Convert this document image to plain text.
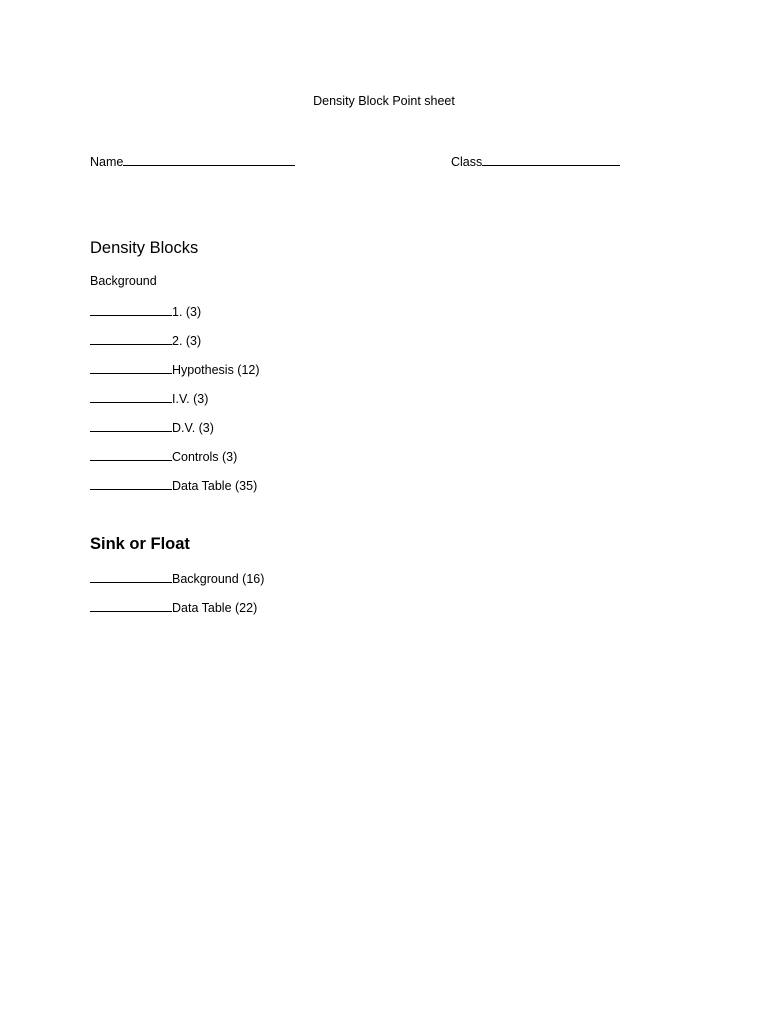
Density Block Point sheet
Name	Class
Density Blocks
Background
1. (3)
2. (3)
Hypothesis (12)
I.V. (3)
D.V. (3)
Controls (3)
Data Table (35)
Sink or Float
Background (16)
Data Table (22)
